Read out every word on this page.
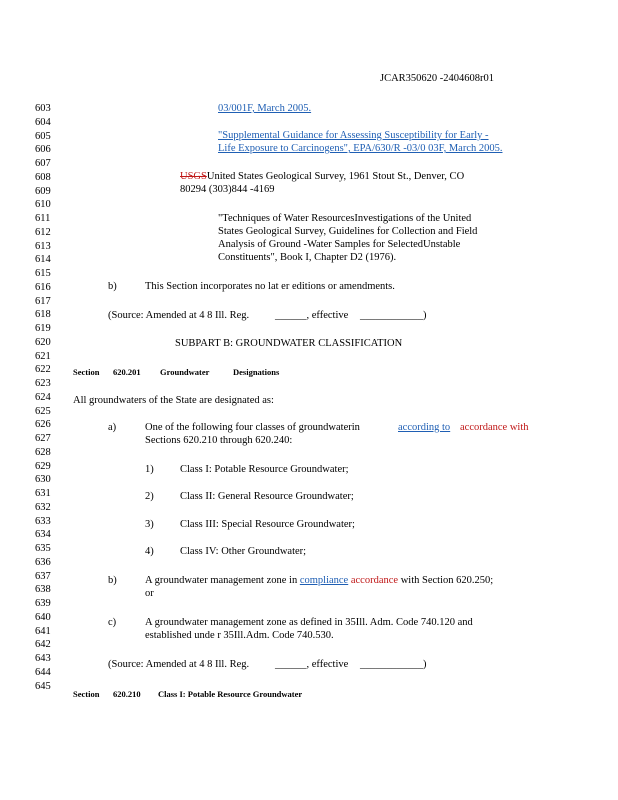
JCAR350620 -2404608r01
603
604
605
606
607
608
609
610
611
612
613
614
615
616
617
618
619
620
621
622
623
624
625
626
627
628
629
630
631
632
633
634
635
636
637
638
639
640
641
642
643
644
645
03/001F, March 2005.
"Supplemental Guidance for Assessing Susceptibility for Early -
Life Exposure to Carcinogens", EPA/630/R -03/0 03F, March 2005.
USGSUnited States Geological Survey, 1961 Stout St., Denver, CO
80294 (303)844 -4169
"Techniques of Water ResourcesInvestigations of the United
States Geological Survey, Guidelines for Collection and Field
Analysis of Ground -Water Samples for SelectedUnstable
Constituents", Book I, Chapter D2 (1976).
b)	This Section incorporates no lat er editions or amendments.
(Source: Amended at 4 8 Ill. Reg. ______, effective ____________)
SUBPART B: GROUNDWATER CLASSIFICATION
Section 620.201 Groundwater	Designations
All groundwaters of the State are designated as:
a)	One of the following four classes of groundwaterin	according to accordance with
Sections 620.210 through 620.240:
1)	Class I: Potable Resource Groundwater;
2)	Class II: General Resource Groundwater;
3)	Class III: Special Resource Groundwater;
4)	Class IV: Other Groundwater;
b)	A groundwater management zone in compliance accordance with Section 620.250;
or
c)	A groundwater management zone as defined in 35Ill. Adm. Code 740.120 and
established unde r 35Ill.Adm. Code 740.530.
(Source: Amended at 4 8 Ill. Reg. ______, effective ____________)
Section 620.210 Class I: Potable Resource Groundwater
